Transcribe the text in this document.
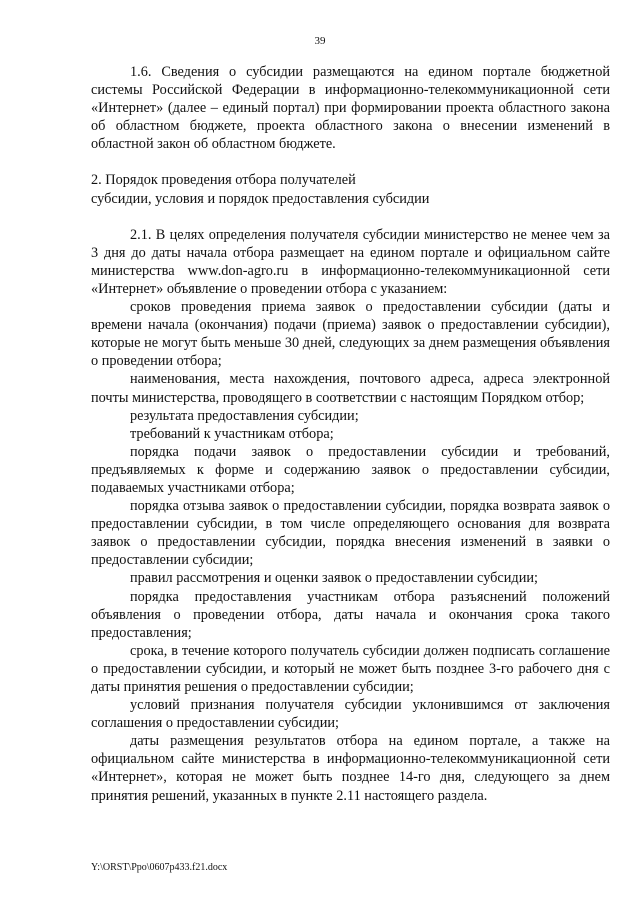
39

1.6. Сведения о субсидии размещаются на едином портале бюджетной системы Российской Федерации в информационно-телекоммуникационной сети «Интернет» (далее – единый портал) при формировании проекта областного закона об областном бюджете, проекта областного закона о внесении изменений в областной закон об областном бюджете.

2. Порядок проведения отбора получателей

субсидии, условия и порядок предоставления субсидии

2.1. В целях определения получателя субсидии министерство не менее чем за 3 дня до даты начала отбора размещает на едином портале и официальном сайте министерства www.don-agro.ru в информационно-телекоммуникационной сети «Интернет» объявление о проведении отбора с указанием:

сроков проведения приема заявок о предоставлении субсидии (даты и времени начала (окончания) подачи (приема) заявок о предоставлении субсидии), которые не могут быть меньше 30 дней, следующих за днем размещения объявления о проведении отбора;

наименования, места нахождения, почтового адреса, адреса электронной почты министерства, проводящего в соответствии с настоящим Порядком отбор;

результата предоставления субсидии;

требований к участникам отбора;

порядка подачи заявок о предоставлении субсидии и требований, предъявляемых к форме и содержанию заявок о предоставлении субсидии, подаваемых участниками отбора;

порядка отзыва заявок о предоставлении субсидии, порядка возврата заявок о предоставлении субсидии, в том числе определяющего основания для возврата заявок о предоставлении субсидии, порядка внесения изменений в заявки о предоставлении субсидии;

правил рассмотрения и оценки заявок о предоставлении субсидии;

порядка предоставления участникам отбора разъяснений положений объявления о проведении отбора, даты начала и окончания срока такого предоставления;

срока, в течение которого получатель субсидии должен подписать соглашение о предоставлении субсидии, и который не может быть позднее 3-го рабочего дня с даты принятия решения о предоставлении субсидии;

условий признания получателя субсидии уклонившимся от заключения соглашения о предоставлении субсидии;

даты размещения результатов отбора на едином портале, а также на официальном сайте министерства в информационно-телекоммуникационной сети «Интернет», которая не может быть позднее 14-го дня, следующего за днем принятия решений, указанных в пункте 2.11 настоящего раздела.

Y:\ORST\Ppo\0607p433.f21.docx
